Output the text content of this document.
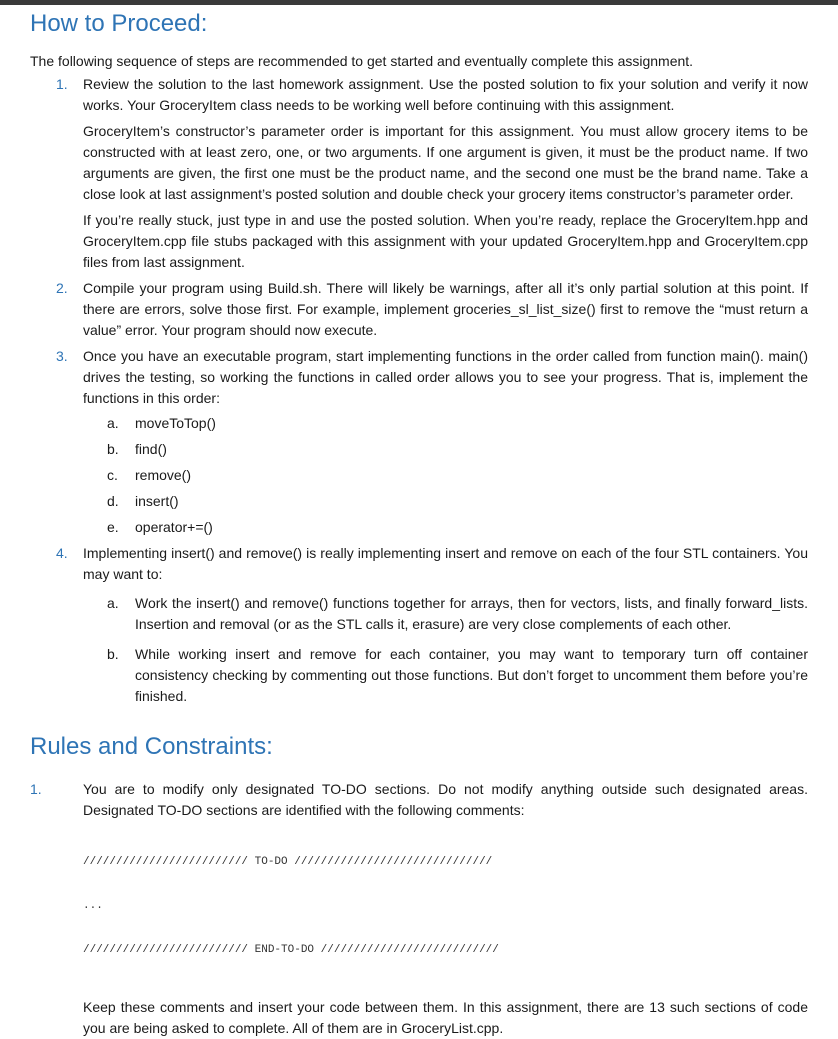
How to Proceed:

The following sequence of steps are recommended to get started and eventually complete this assignment.

1. Review the solution to the last homework assignment. Use the posted solution to fix your solution and verify it now works. Your GroceryItem class needs to be working well before continuing with this assignment.

GroceryItem’s constructor’s parameter order is important for this assignment. You must allow grocery items to be constructed with at least zero, one, or two arguments. If one argument is given, it must be the product name. If two arguments are given, the first one must be the product name, and the second one must be the brand name. Take a close look at last assignment’s posted solution and double check your grocery items constructor’s parameter order.

If you’re really stuck, just type in and use the posted solution. When you’re ready, replace the GroceryItem.hpp and GroceryItem.cpp file stubs packaged with this assignment with your updated GroceryItem.hpp and GroceryItem.cpp files from last assignment.

2. Compile your program using Build.sh. There will likely be warnings, after all it’s only partial solution at this point. If there are errors, solve those first. For example, implement groceries_sl_list_size() first to remove the “must return a value” error. Your program should now execute.

3. Once you have an executable program, start implementing functions in the order called from function main(). main() drives the testing, so working the functions in called order allows you to see your progress. That is, implement the functions in this order:

a. moveToTop()
b. find()
c. remove()
d. insert()
e. operator+=()
4. Implementing insert() and remove() is really implementing insert and remove on each of the four STL containers. You may want to:

a. Work the insert() and remove() functions together for arrays, then for vectors, lists, and finally forward_lists. Insertion and removal (or as the STL calls it, erasure) are very close complements of each other.
b. While working insert and remove for each container, you may want to temporary turn off container consistency checking by commenting out those functions. But don’t forget to uncomment them before you’re finished.
Rules and Constraints:
1.	You are to modify only designated TO-DO sections. Do not modify anything outside such designated areas. Designated TO-DO sections are identified with the following comments:

///////////////////////// TO-DO //////////////////////////////

...

///////////////////////// END-TO-DO ///////////////////////////

Keep these comments and insert your code between them. In this assignment, there are 13 such sections of code you are being asked to complete. All of them are in GroceryList.cpp.
